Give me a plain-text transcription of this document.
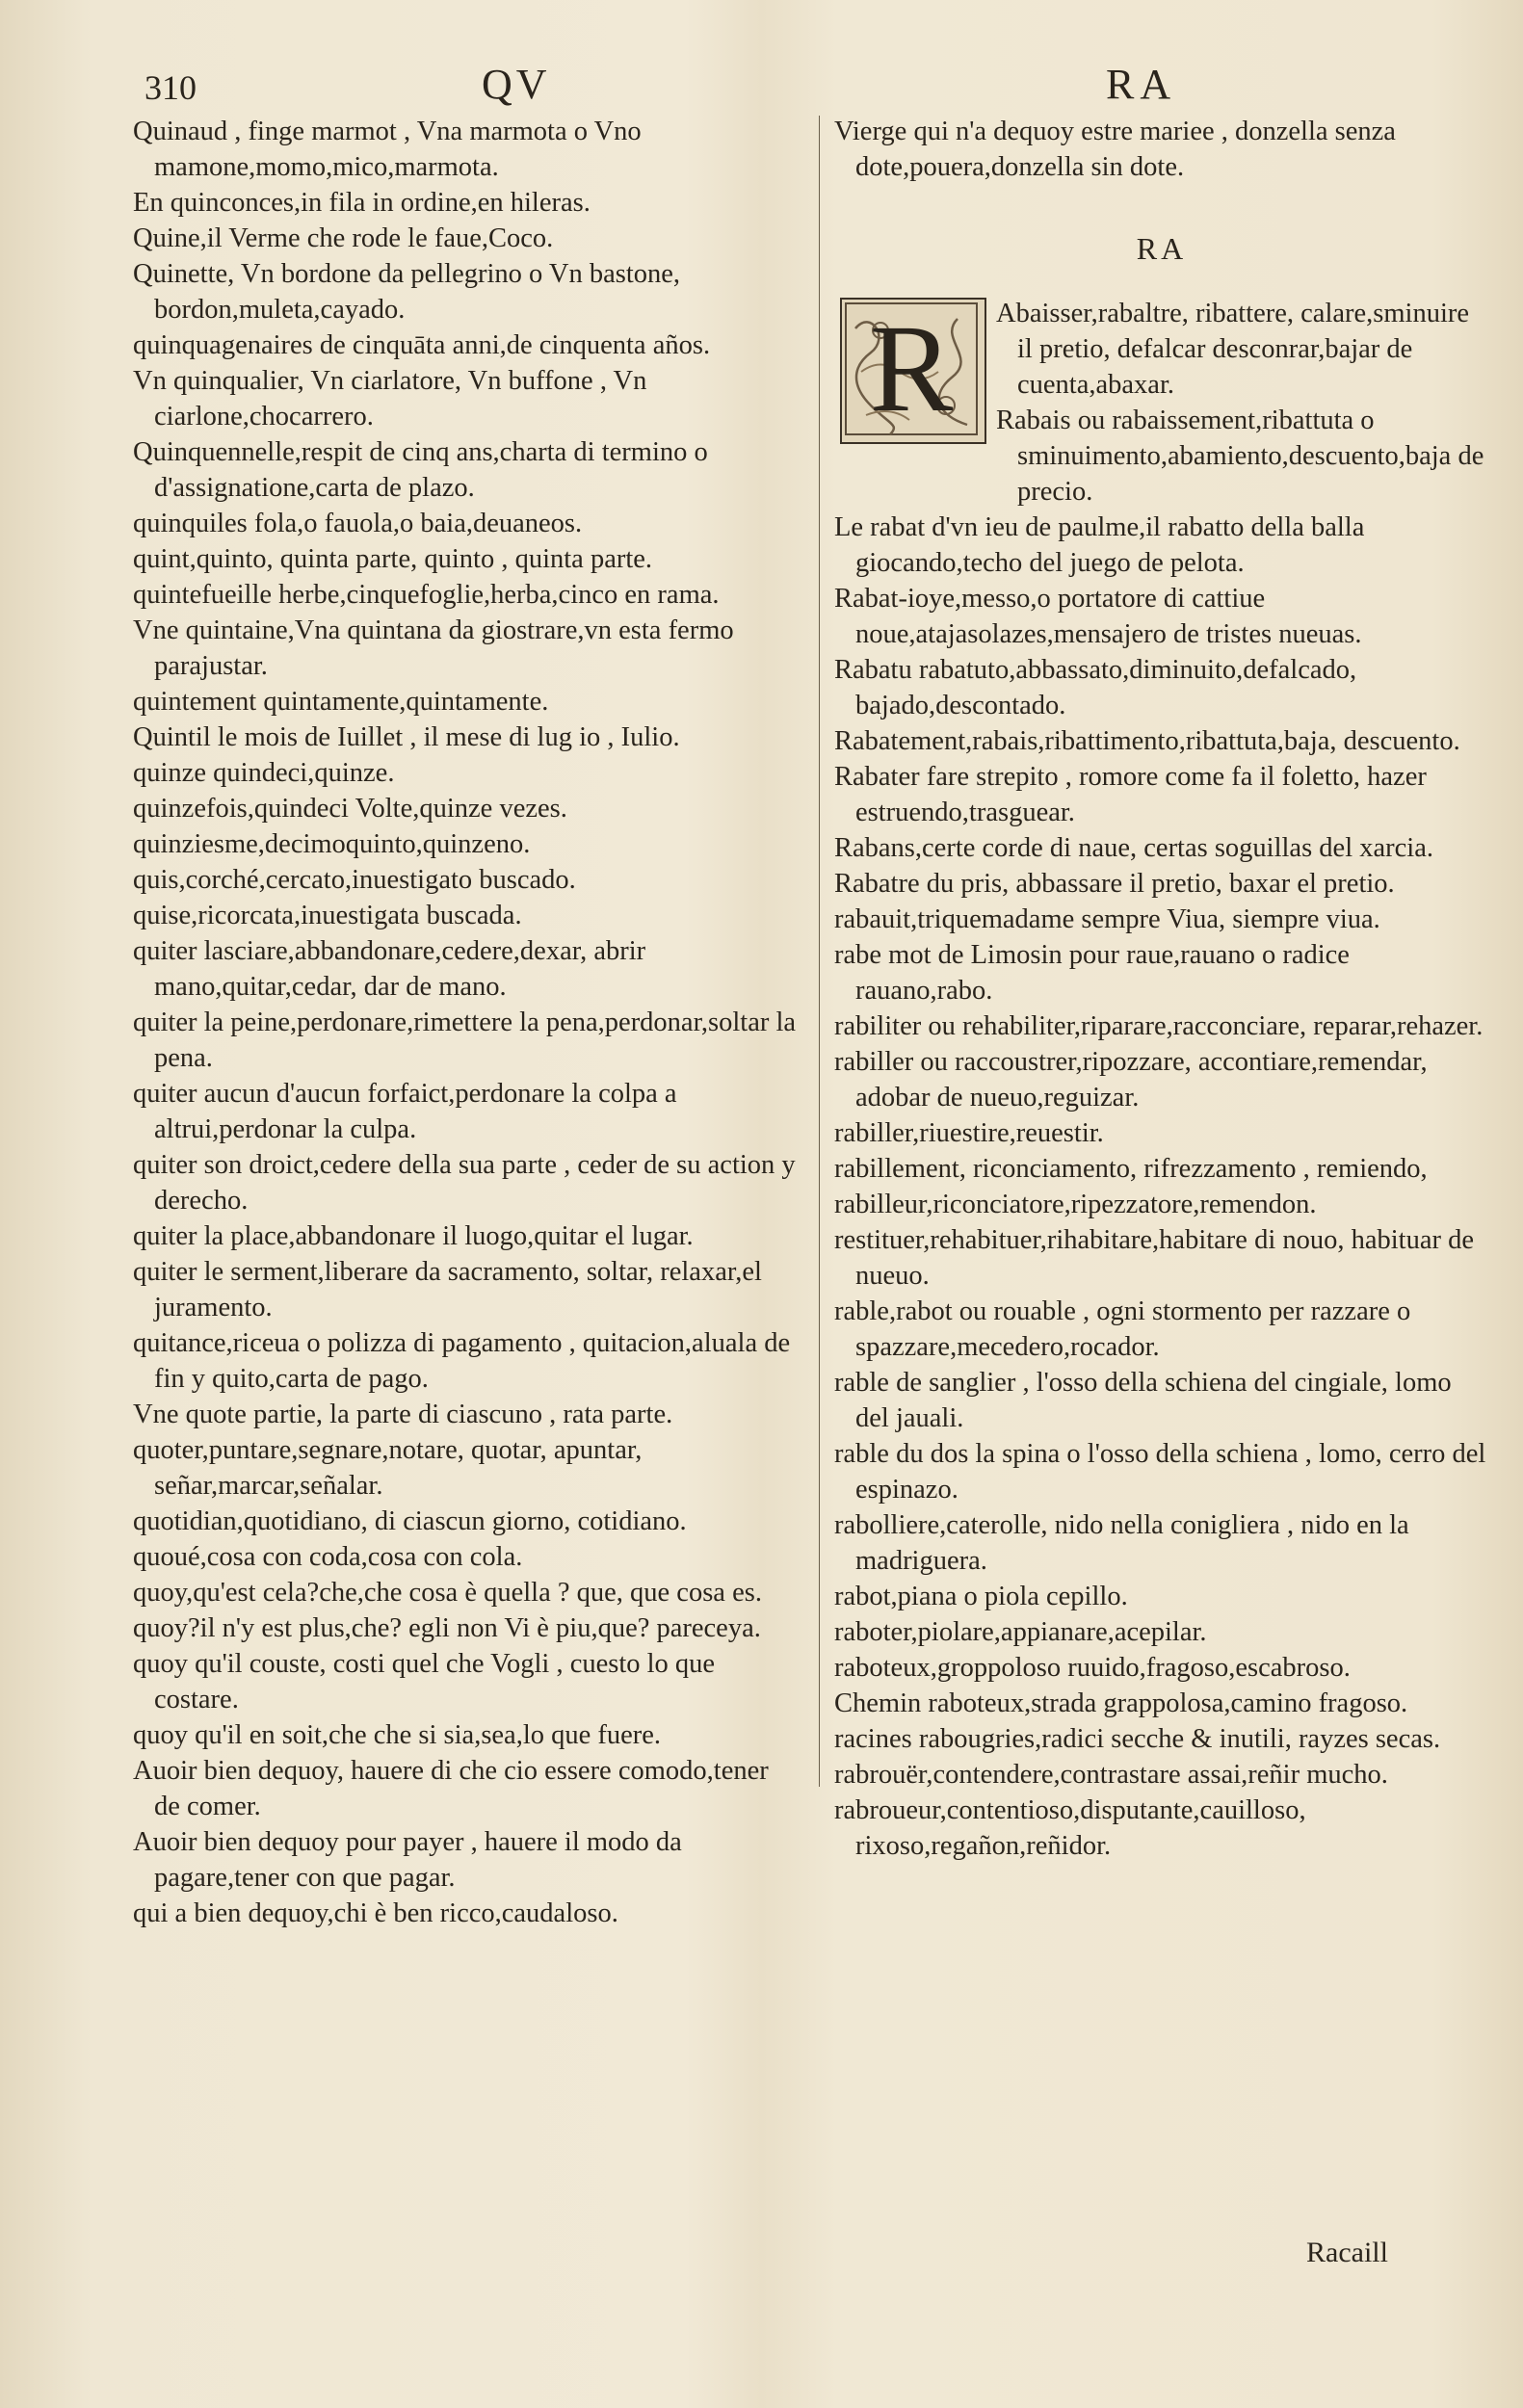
310	QV	RA

Quinaud , finge marmot , Vna marmota o Vno mamone,momo,mico,marmota.

En quinconces,in fila in ordine,en hileras.

Quine,il Verme che rode le faue,Coco.

Quinette, Vn bordone da pellegrino o Vn bastone, bordon,muleta,cayado.

quinquagenaires de cinquāta anni,de cinquenta años.

Vn quinqualier, Vn ciarlatore, Vn buffone , Vn ciarlone,chocarrero.

Quinquennelle,respit de cinq ans,charta di termino o d'assignatione,carta de plazo.

quinquiles fola,o fauola,o baia,deuaneos.

quint,quinto, quinta parte, quinto , quinta parte.

quintefueille herbe,cinquefoglie,herba,cinco en rama.

Vne quintaine,Vna quintana da giostrare,vn esta fermo parajustar.

quintement quintamente,quintamente.

Quintil le mois de Iuillet , il mese di lug io , Iulio.

quinze quindeci,quinze.

quinzefois,quindeci Volte,quinze vezes.

quinziesme,decimoquinto,quinzeno.

quis,corché,cercato,inuestigato buscado.

quise,ricorcata,inuestigata buscada.

quiter lasciare,abbandonare,cedere,dexar, abrir mano,quitar,cedar, dar de mano.

quiter la peine,perdonare,rimettere la pena,perdonar,soltar la pena.

quiter aucun d'aucun forfaict,perdonare la colpa a altrui,perdonar la culpa.

quiter son droict,cedere della sua parte , ceder de su action y derecho.

quiter la place,abbandonare il luogo,quitar el lugar.

quiter le serment,liberare da sacramento, soltar, relaxar,el juramento.

quitance,riceua o polizza di pagamento , quitacion,aluala de fin y quito,carta de pago.

Vne quote partie, la parte di ciascuno , rata parte.

quoter,puntare,segnare,notare, quotar, apuntar, señar,marcar,señalar.

quotidian,quotidiano, di ciascun giorno, cotidiano.

quoué,cosa con coda,cosa con cola.

quoy,qu'est cela?che,che cosa è quella ? que, que cosa es.

quoy?il n'y est plus,che? egli non Vi è piu,que? pareceya.

quoy qu'il couste, costi quel che Vogli , cuesto lo que costare.

quoy qu'il en soit,che che si sia,sea,lo que fuere.

Auoir bien dequoy, hauere di che cio essere comodo,tener de comer.

Auoir bien dequoy pour payer , hauere il modo da pagare,tener con que pagar.

qui a bien dequoy,chi è ben ricco,caudaloso.

Vierge qui n'a dequoy estre mariee , donzella senza dote,pouera,donzella sin dote.

RA
R	Abaisser,rabaltre, ribattere, calare,sminuire il pretio, defalcar desconrar,bajar de cuenta,abaxar.

Rabais ou rabaissement,ribattuta o sminuimento,abamiento,descuento,baja de precio.

Le rabat d'vn ieu de paulme,il rabatto della balla giocando,techo del juego de pelota.

Rabat-ioye,messo,o portatore di cattiue noue,atajasolazes,mensajero de tristes nueuas.

Rabatu rabatuto,abbassato,diminuito,defalcado, bajado,descontado.

Rabatement,rabais,ribattimento,ribattuta,baja, descuento.

Rabater fare strepito , romore come fa il foletto, hazer estruendo,trasguear.

Rabans,certe corde di naue, certas soguillas del xarcia.

Rabatre du pris, abbassare il pretio, baxar el pretio.

rabauit,triquemadame sempre Viua, siempre viua.

rabe mot de Limosin pour raue,rauano o radice rauano,rabo.

rabiliter ou rehabiliter,riparare,racconciare, reparar,rehazer.

rabiller ou raccoustrer,ripozzare, accontiare,remendar, adobar de nueuo,reguizar.

rabiller,riuestire,reuestir.

rabillement, riconciamento, rifrezzamento , remiendo,

rabilleur,riconciatore,ripezzatore,remendon.

restituer,rehabituer,rihabitare,habitare di nouo, habituar de nueuo.

rable,rabot ou rouable , ogni stormento per razzare o spazzare,mecedero,rocador.

rable de sanglier , l'osso della schiena del cingiale, lomo del jauali.

rable du dos la spina o l'osso della schiena , lomo, cerro del espinazo.

rabolliere,caterolle, nido nella conigliera , nido en la madriguera.

rabot,piana o piola cepillo.

raboter,piolare,appianare,acepilar.

raboteux,groppoloso ruuido,fragoso,escabroso.

Chemin raboteux,strada grappolosa,camino fragoso.

racines rabougries,radici secche & inutili, rayzes secas.

rabrouër,contendere,contrastare assai,reñir mucho.

rabroueur,contentioso,disputante,cauilloso, rixoso,regañon,reñidor.

Racaill
